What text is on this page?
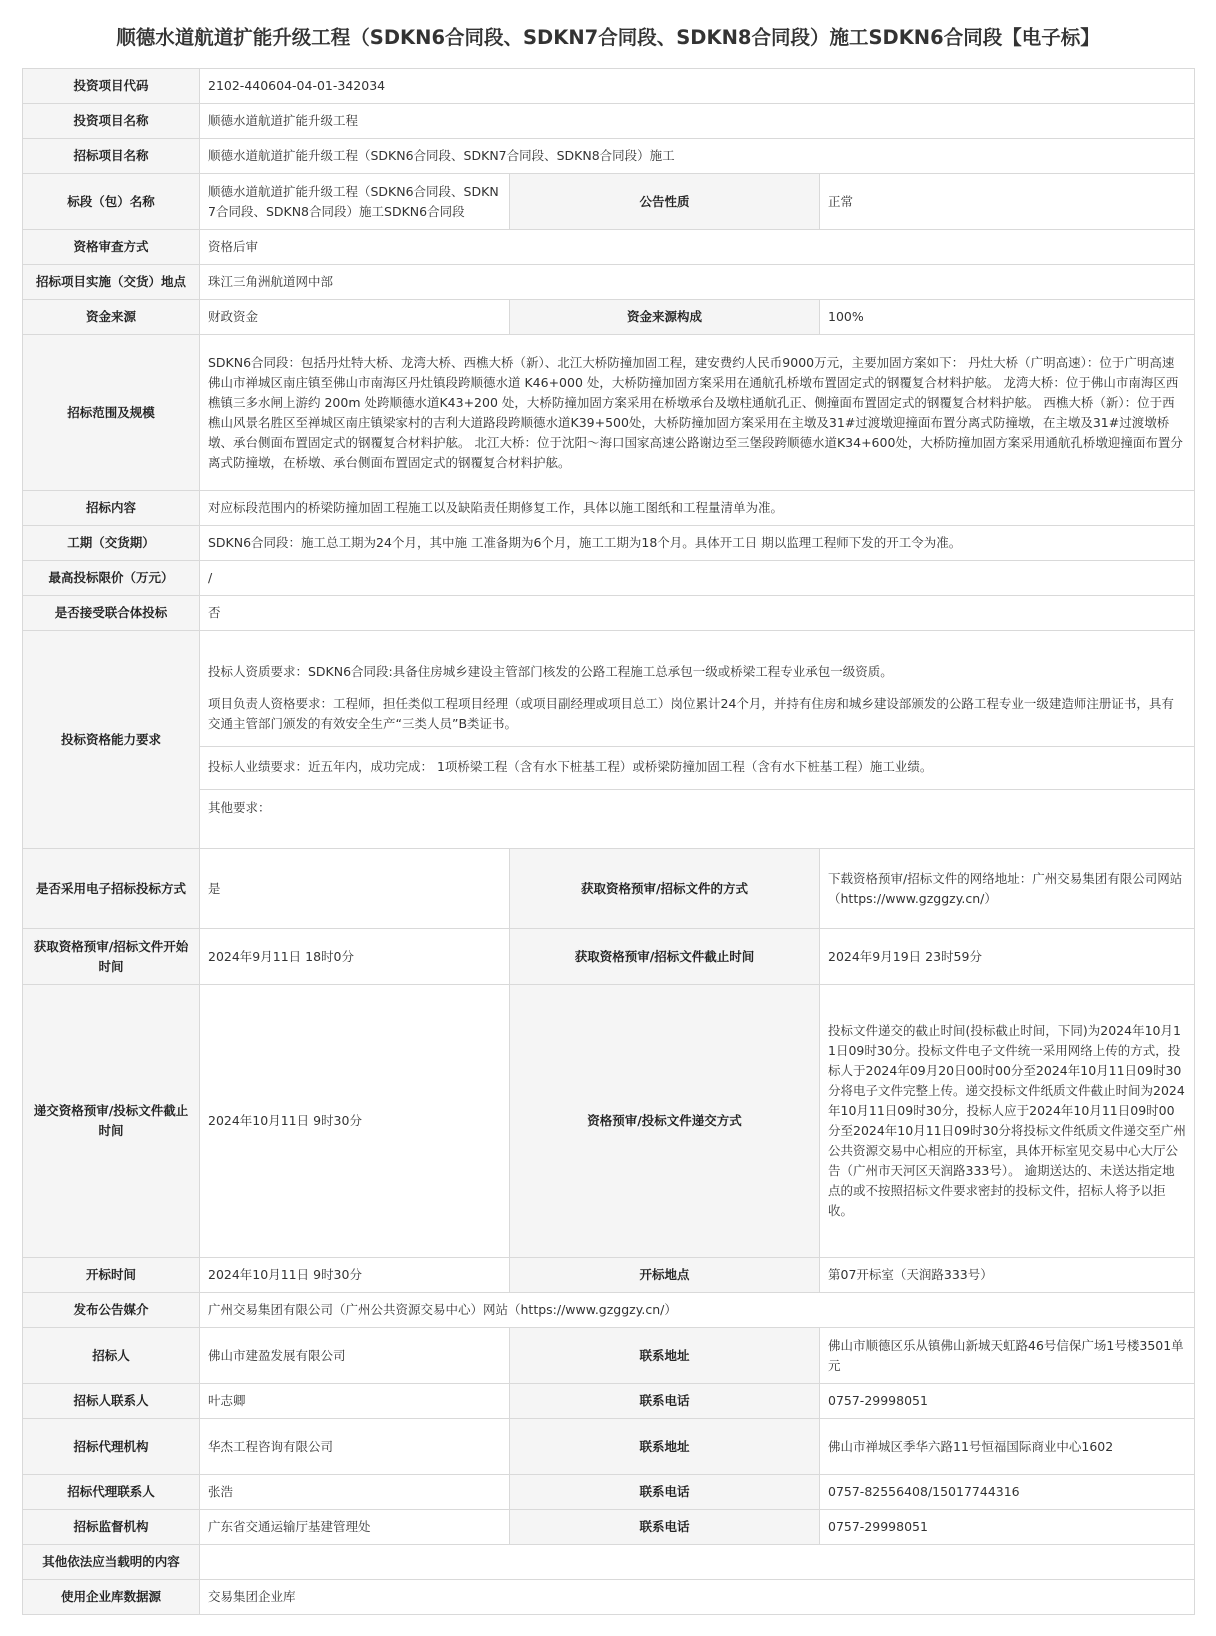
顺德水道航道扩能升级工程（SDKN6合同段、SDKN7合同段、SDKN8合同段）施工SDKN6合同段【电子标】
投资项目代码	2102-440604-04-01-342034		
投资项目名称	顺德水道航道扩能升级工程		
招标项目名称	顺德水道航道扩能升级工程（SDKN6合同段、SDKN7合同段、SDKN8合同段）施工		
标段（包）名称	顺德水道航道扩能升级工程（SDKN6合同段、SDKN7合同段、SDKN8合同段）施工SDKN6合同段	公告性质	正常
资格审查方式	资格后审		
招标项目实施（交货）地点	珠江三角洲航道网中部		
资金来源	财政资金	资金来源构成	100%
招标范围及规模	SDKN6合同段：包括丹灶特大桥、龙湾大桥、西樵大桥（新）、北江大桥防撞加固工程，建安费约人民币9000万元，主要加固方案如下： 丹灶大桥（广明高速）：位于广明高速佛山市禅城区南庄镇至佛山市南海区丹灶镇段跨顺德水道 K46+000 处，大桥防撞加固方案采用在通航孔桥墩布置固定式的钢覆复合材料护舷。 龙湾大桥：位于佛山市南海区西樵镇三多水闸上游约 200m 处跨顺德水道K43+200 处，大桥防撞加固方案采用在桥墩承台及墩柱通航孔正、侧撞面布置固定式的钢覆复合材料护舷。 西樵大桥（新）：位于西樵山风景名胜区至禅城区南庄镇梁家村的吉利大道路段跨顺德水道K39+500处，大桥防撞加固方案采用在主墩及31#过渡墩迎撞面布置分离式防撞墩，在主墩及31#过渡墩桥墩、承台侧面布置固定式的钢覆复合材料护舷。 北江大桥：位于沈阳～海口国家高速公路谢边至三堡段跨顺德水道K34+600处，大桥防撞加固方案采用通航孔桥墩迎撞面布置分离式防撞墩，在桥墩、承台侧面布置固定式的钢覆复合材料护舷。		
招标内容	对应标段范围内的桥梁防撞加固工程施工以及缺陷责任期修复工作，具体以施工图纸和工程量清单为准。		
工期（交货期）	SDKN6合同段：施工总工期为24个月，其中施 工准备期为6个月，施工工期为18个月。具体开工日 期以监理工程师下发的开工令为准。		
最高投标限价（万元）	/		
是否接受联合体投标	否		
投标资格能力要求	投标人资质要求：SDKN6合同段:具备住房城乡建设主管部门核发的公路工程施工总承包一级或桥梁工程专业承包一级资质。

项目负责人资格要求：工程师，担任类似工程项目经理（或项目副经理或项目总工）岗位累计24个月，并持有住房和城乡建设部颁发的公路工程专业一级建造师注册证书，具有交通主管部门颁发的有效安全生产“三类人员”B类证书。

投标人业绩要求：近五年内，成功完成： 1项桥梁工程（含有水下桩基工程）或桥梁防撞加固工程（含有水下桩基工程）施工业绩。

其他要求：		

是否采用电子招标投标方式	是	获取资格预审/招标文件的方式	下载资格预审/招标文件的网络地址：广州交易集团有限公司网站（https://www.gzggzy.cn/）
获取资格预审/招标文件开始时间	2024年9月11日 18时0分	获取资格预审/招标文件截止时间	2024年9月19日 23时59分
递交资格预审/投标文件截止时间	2024年10月11日 9时30分	资格预审/投标文件递交方式	投标文件递交的截止时间(投标截止时间，下同)为2024年10月11日09时30分。投标文件电子文件统一采用网络上传的方式，投标人于2024年09月20日00时00分至2024年10月11日09时30分将电子文件完整上传。递交投标文件纸质文件截止时间为2024年10月11日09时30分，投标人应于2024年10月11日09时00分至2024年10月11日09时30分将投标文件纸质文件递交至广州公共资源交易中心相应的开标室，具体开标室见交易中心大厅公告（广州市天河区天润路333号）。 逾期送达的、未送达指定地点的或不按照招标文件要求密封的投标文件，招标人将予以拒收。
开标时间	2024年10月11日 9时30分	开标地点	第07开标室（天润路333号）
发布公告媒介	广州交易集团有限公司（广州公共资源交易中心）网站（https://www.gzggzy.cn/）		
招标人	佛山市建盈发展有限公司	联系地址	佛山市顺德区乐从镇佛山新城天虹路46号信保广场1号楼3501单元
招标人联系人	叶志卿	联系电话	0757-29998051
招标代理机构	华杰工程咨询有限公司	联系地址	佛山市禅城区季华六路11号恒福国际商业中心1602
招标代理联系人	张浩	联系电话	0757-82556408/15017744316
招标监督机构	广东省交通运输厅基建管理处	联系电话	0757-29998051
其他依法应当载明的内容			
使用企业库数据源	交易集团企业库		
